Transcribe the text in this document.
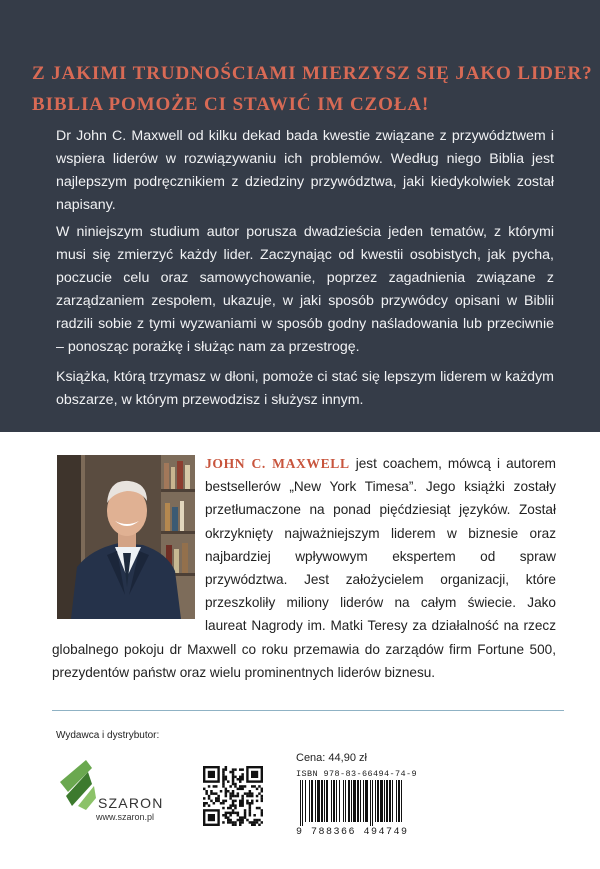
Z JAKIMI TRUDNOŚCIAMI MIERZYSZ SIĘ JAKO LIDER?
BIBLIA POMOŻE CI STAWIĆ IM CZOŁA!

Dr John C. Maxwell od kilku dekad bada kwestie związane z przywództwem i wspiera liderów w rozwiązywaniu ich problemów. Według niego Biblia jest najlepszym podręcznikiem z dziedziny przywództwa, jaki kiedykolwiek został napisany.

W niniejszym studium autor porusza dwadzieścia jeden tematów, z którymi musi się zmierzyć każdy lider. Zaczynając od kwestii osobistych, jak pycha, poczucie celu oraz samowychowanie, poprzez zagadnienia związane z zarządzaniem zespołem, ukazuje, w jaki sposób przywódcy opisani w Biblii radzili sobie z tymi wyzwaniami w sposób godny naśladowania lub przeciwnie – ponosząc porażkę i służąc nam za przestrogę.

Książka, którą trzymasz w dłoni, pomoże ci stać się lepszym liderem w każdym obszarze, w którym przewodzisz i służysz innym.

JOHN C. MAXWELL jest coachem, mówcą i autorem bestsellerów „New York Timesa”. Jego książki zostały przetłumaczone na ponad pięćdziesiąt języków. Został okrzyknięty najważniejszym liderem w biznesie oraz najbardziej wpływowym ekspertem od spraw przywództwa. Jest założycielem organizacji, które przeszkoliły miliony liderów na całym świecie. Jako laureat Nagrody im. Matki Teresy za działalność na rzecz globalnego pokoju dr Maxwell co roku przemawia do zarządów firm Fortune 500, prezydentów państw oraz wielu prominentnych liderów biznesu.
Wydawca i dystrybutor:
SZARON
www.szaron.pl
Cena: 44,90 zł
ISBN 978-83-66494-74-9
9 788366 494749
